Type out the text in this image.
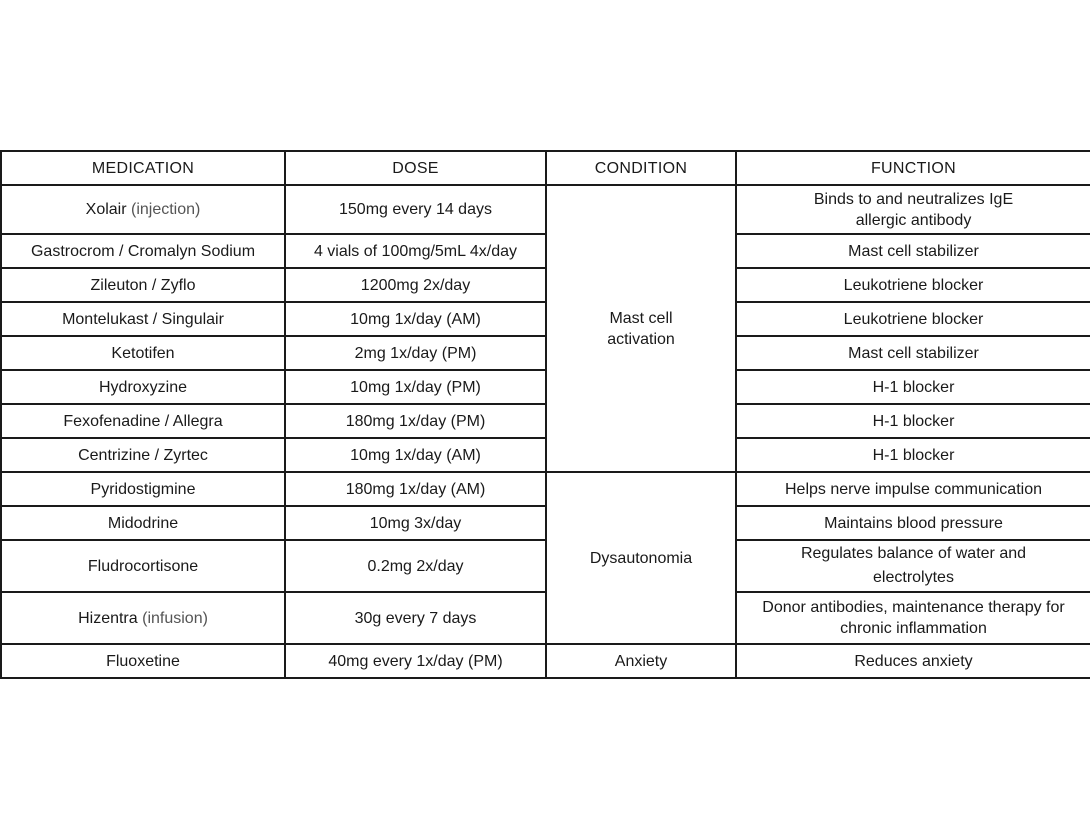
MEDICATION	DOSE	CONDITION	FUNCTION
Xolair (injection)	150mg every 14 days	Mast cell activation	Binds to and neutralizes IgE allergic antibody

Gastrocrom / Cromalyn Sodium	4 vials of 100mg/5mL 4x/day		Mast cell stabilizer
Zileuton / Zyflo	1200mg 2x/day		Leukotriene blocker
Montelukast / Singulair	10mg 1x/day (AM)		Leukotriene blocker
Ketotifen	2mg 1x/day (PM)		Mast cell stabilizer
Hydroxyzine	10mg 1x/day (PM)		H-1 blocker
Fexofenadine / Allegra	180mg 1x/day (PM)		H-1 blocker
Centrizine / Zyrtec	10mg 1x/day (AM)		H-1 blocker
Pyridostigmine	180mg 1x/day (AM)	Dysautonomia	Helps nerve impulse communication
Midodrine	10mg 3x/day		Maintains blood pressure
Fludrocortisone	0.2mg 2x/day		Regulates balance of water and electrolytes

Hizentra (infusion)	30g every 7 days		Donor antibodies, maintenance therapy for chronic inflammation

Fluoxetine	40mg every 1x/day (PM)	Anxiety	Reduces anxiety
